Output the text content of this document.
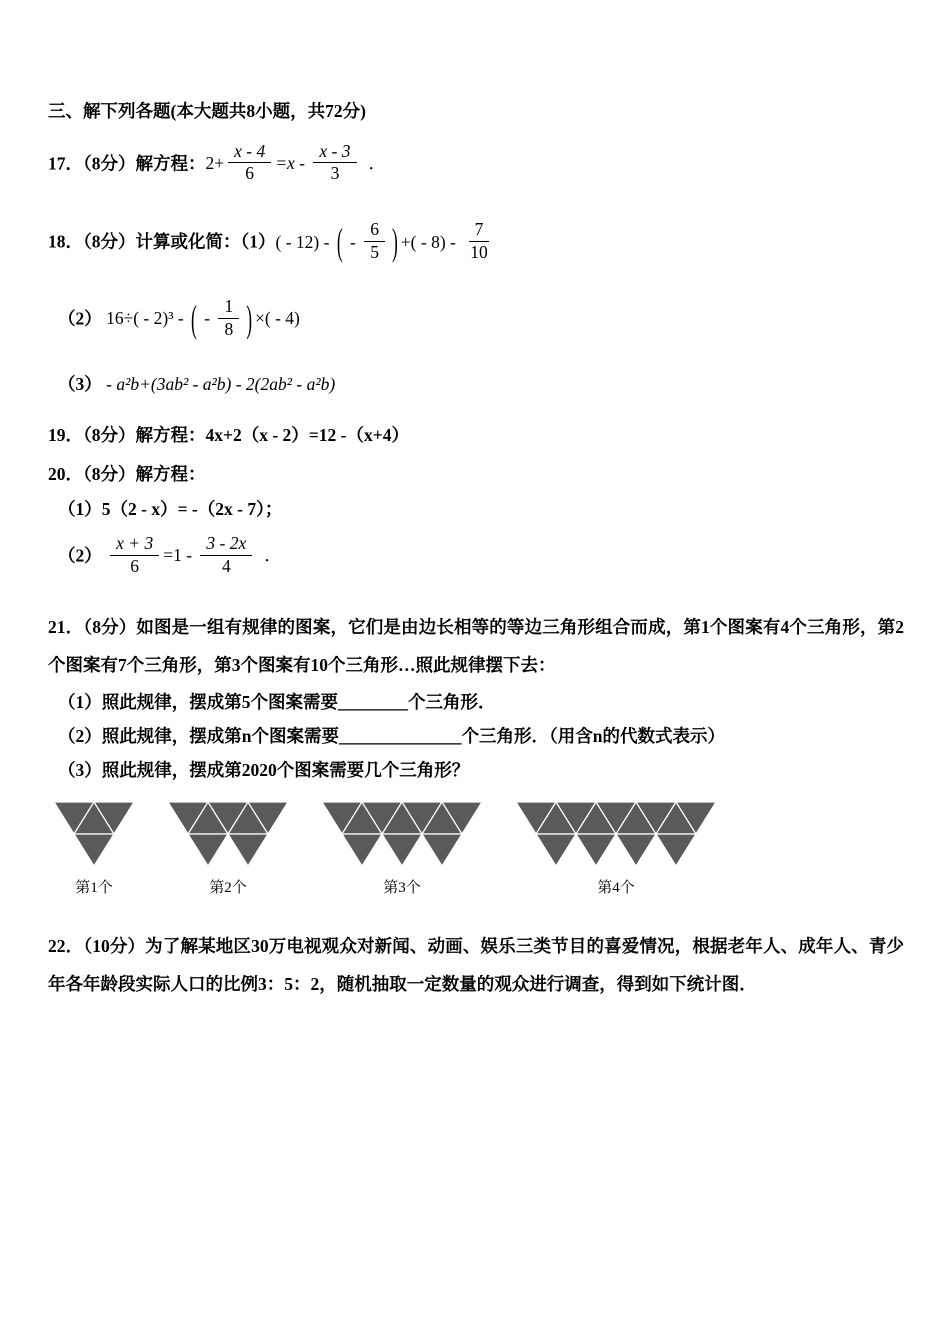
三、解下列各题(本大题共8小题，共72分)

17．（8分）解方程：$2+ \frac{x - 4}{6} =x - \frac{x - 3}{3}$ ．
18．（8分）计算或化简：（1）( - 12) - ( - $\frac{6}{5}$ ) +( - $8) - \frac{7}{10}$
（2） 16÷( - 2)³ - ( - $\frac{1}{8}$ ) ×( - 4)
（3） - a²b+(3ab² - a²b) - 2(2ab² - a²b)

19．（8分）解方程：4x+2（x - 2）=12 -（x+4）

20．（8分）解方程：

（1）5（2 - x）= -（2x - 7）；

$(2) \frac{x + 3}{6} =1 - \frac{3 - 2x}{4}$ ．

21．（8分）如图是一组有规律的图案，它们是由边长相等的等边三角形组合而成，第1个图案有4个三角形，第2个图案有7个三角形，第3个图案有10个三角形…照此规律摆下去：

（1）照此规律，摆成第5个图案需要________个三角形．

（2）照此规律，摆成第n个图案需要______________个三角形．（用含n的代数式表示）

（3）照此规律，摆成第2020个图案需要几个三角形？

第1个	第2个	第3个	第4个

22．（10分）为了解某地区30万电视观众对新闻、动画、娱乐三类节目的喜爱情况，根据老年人、成年人、青少年各年龄段实际人口的比例3：5：2，随机抽取一定数量的观众进行调查，得到如下统计图．
